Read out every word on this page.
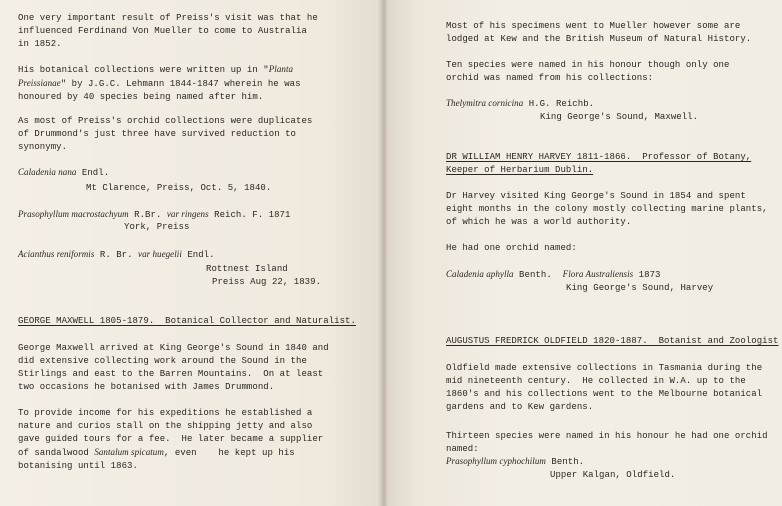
One very important result of Preiss's visit was that he
influenced Ferdinand Von Mueller to come to Australia
in 1852.
His botanical collections were written up in "Planta
Preissianae" by J.G.C. Lehmann 1844-1847 wherein he was
honoured by 40 species being named after him.
As most of Preiss's orchid collections were duplicates
of Drummond's just three have survived reduction to
synonymy.
Caladenia nana Endl.
Mt Clarence, Preiss, Oct. 5, 1840.
Prasophyllum macrostachyum R.Br. var ringens Reich. F. 1871
York, Preiss
Acianthus reniformis R. Br. var huegelii Endl.
Rottnest Island
Preiss Aug 22, 1839.
GEORGE MAXWELL 1805-1879.  Botanical Collector and Naturalist.
George Maxwell arrived at King George's Sound in 1840 and
did extensive collecting work around the Sound in the
Stirlings and east to the Barren Mountains.  On at least
two occasions he botanised with James Drummond.
To provide income for his expeditions he established a
nature and curios stall on the shipping jetty and also
gave guided tours for a fee.  He later became a supplier
of sandalwood Santalum spicatum, even    he kept up his
botanising until 1863.
Most of his specimens went to Mueller however some are
lodged at Kew and the British Museum of Natural History.
Ten species were named in his honour though only one
orchid was named from his collections:
Thelymitra cornicina H.G. Reichb.
King George's Sound, Maxwell.
DR WILLIAM HENRY HARVEY 1811-1866.  Professor of Botany,
Keeper of Herbarium Dublin.
Dr Harvey visited King George's Sound in 1854 and spent
eight months in the colony mostly collecting marine plants,
of which he was a world authority.
He had one orchid named:
Caladenia aphylla Benth.  Flora Australiensis 1873
King George's Sound, Harvey
AUGUSTUS FREDRICK OLDFIELD 1820-1887.  Botanist and Zoologist
Oldfield made extensive collections in Tasmania during the
mid nineteenth century.  He collected in W.A. up to the
1860's and his collections went to the Melbourne botanical
gardens and to Kew gardens.
Thirteen species were named in his honour he had one orchid
named:
Prasophyllum cyphochilum Benth.
Upper Kalgan, Oldfield.
